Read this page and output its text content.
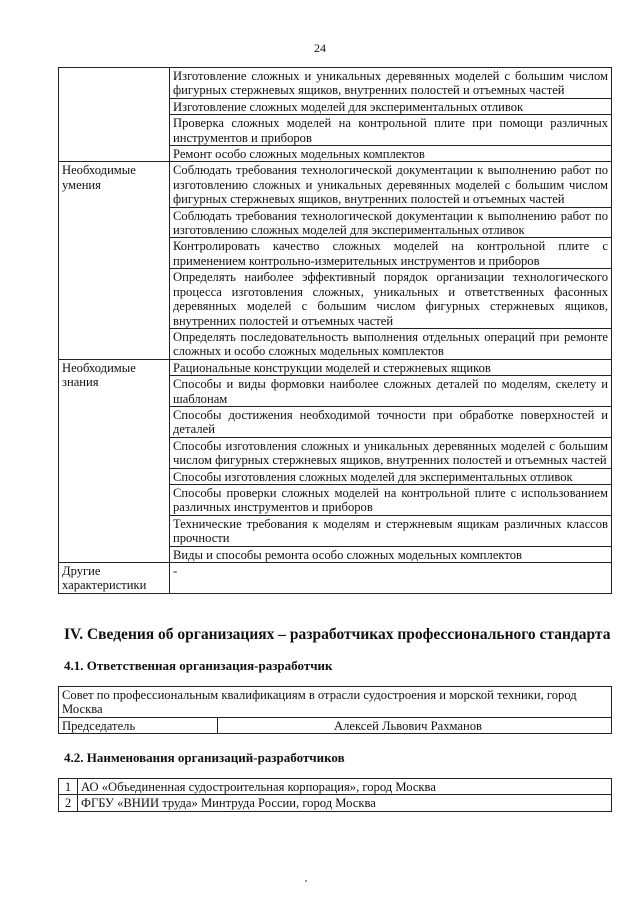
24
	Изготовление сложных и уникальных деревянных моделей с большим числом фигурных стержневых ящиков, внутренних полостей и отъемных частей
	Изготовление сложных моделей для экспериментальных отливок
	Проверка сложных моделей на контрольной плите при помощи различных инструментов и приборов
	Ремонт особо сложных модельных комплектов
Необходимые умения	Соблюдать требования технологической документации к выполнению работ по изготовлению сложных и уникальных деревянных моделей с большим числом фигурных стержневых ящиков, внутренних полостей и отъемных частей
	Соблюдать требования технологической документации к выполнению работ по изготовлению сложных моделей для экспериментальных отливок
	Контролировать качество сложных моделей на контрольной плите с применением контрольно-измерительных инструментов и приборов
	Определять наиболее эффективный порядок организации технологического процесса изготовления сложных, уникальных и ответственных фасонных деревянных моделей с большим числом фигурных стержневых ящиков, внутренних полостей и отъемных частей
	Определять последовательность выполнения отдельных операций при ремонте сложных и особо сложных модельных комплектов
Необходимые знания	Рациональные конструкции моделей и стержневых ящиков
	Способы и виды формовки наиболее сложных деталей по моделям, скелету и шаблонам
	Способы достижения необходимой точности при обработке поверхностей и деталей
	Способы изготовления сложных и уникальных деревянных моделей с большим числом фигурных стержневых ящиков, внутренних полостей и отъемных частей
	Способы изготовления сложных моделей для экспериментальных отливок
	Способы проверки сложных моделей на контрольной плите с использованием различных инструментов и приборов
	Технические требования к моделям и стержневым ящикам различных классов прочности
	Виды и способы ремонта особо сложных модельных комплектов
Другие характеристики	-
IV. Сведения об организациях – разработчиках профессионального стандарта
4.1. Ответственная организация-разработчик
Совет по профессиональным квалификациям в отрасли судостроения и морской техники, город Москва
Председатель	Алексей Львович Рахманов
4.2. Наименования организаций-разработчиков
1	АО «Объединенная судостроительная корпорация», город Москва
2	ФГБУ «ВНИИ труда» Минтруда России, город Москва
